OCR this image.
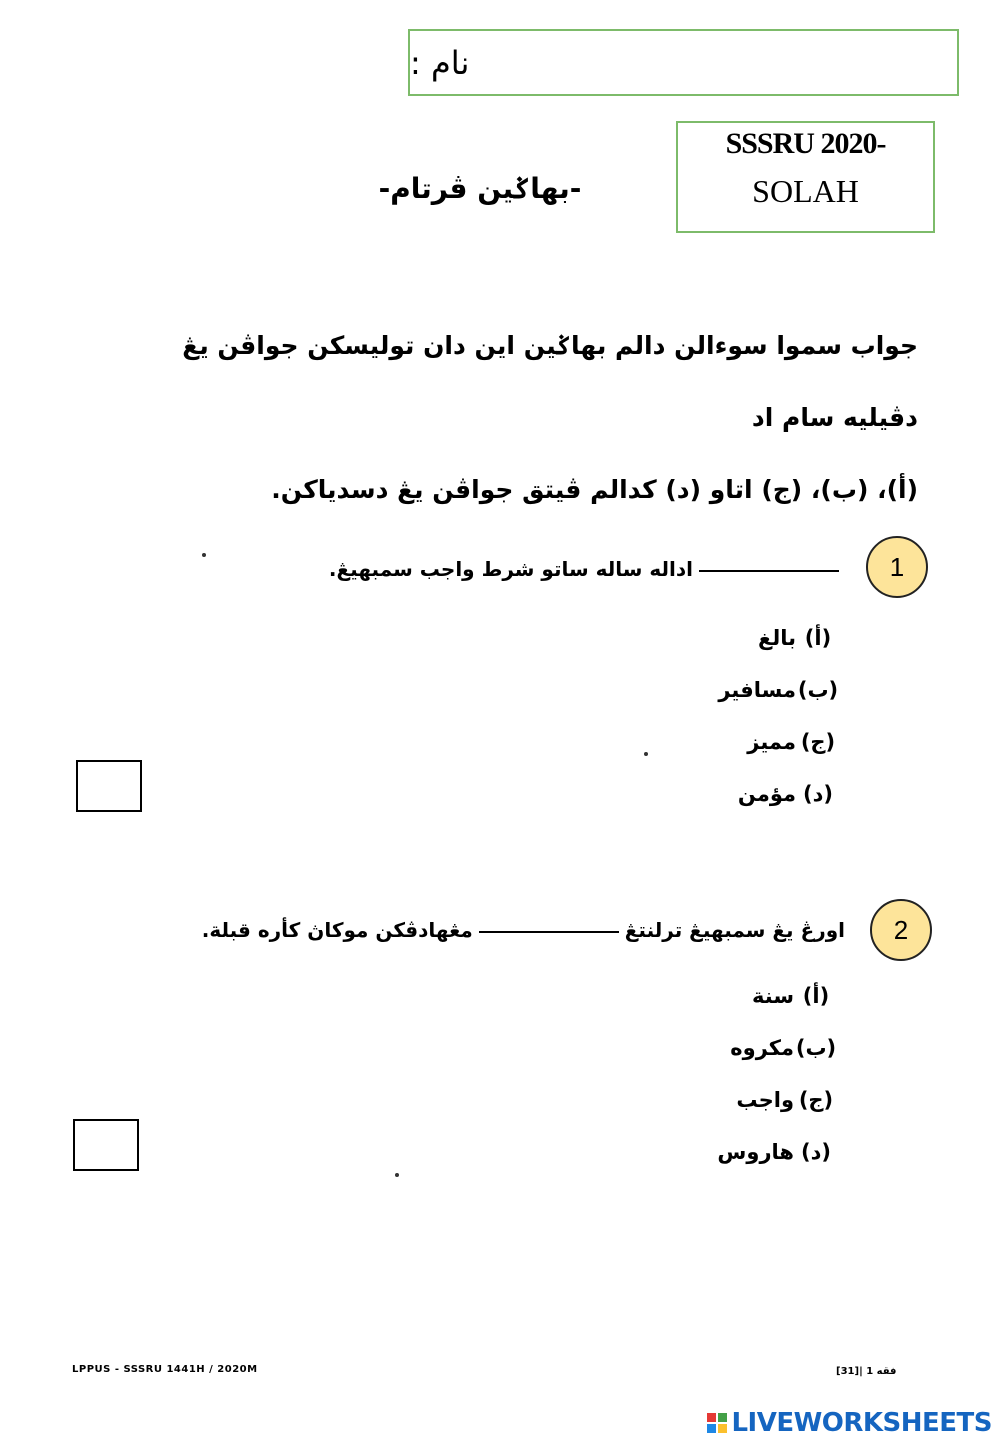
نام :
SSSRU 2020-
SOLAH
-بهاݢين ڤرتام-
جواب سموا سوءالن دالم بهاݢين اين دان توليسكن جواڤن يڠ دڤيليه سام اد
(أ)، (ب)، (ج) اتاو (د) كدالم ڤيتق جواڤن يڠ دسدياكن.
1
اداله ساله ساتو شرط واجب سمبهيڠ.
(أ)بالغ
(ب)مسافير
(ج)مميز
(د)مؤمن
2
اورڠ يڠ سمبهيڠ ترلنتڠمڠهادڤكن موكاڽ كأره قبلة.
(أ)سنة
(ب)مكروه
(ج)واجب
(د)هاروس
LPPUS - SSSRU 1441H / 2020M	فقه 1 |[31]
LIVEWORKSHEETS
